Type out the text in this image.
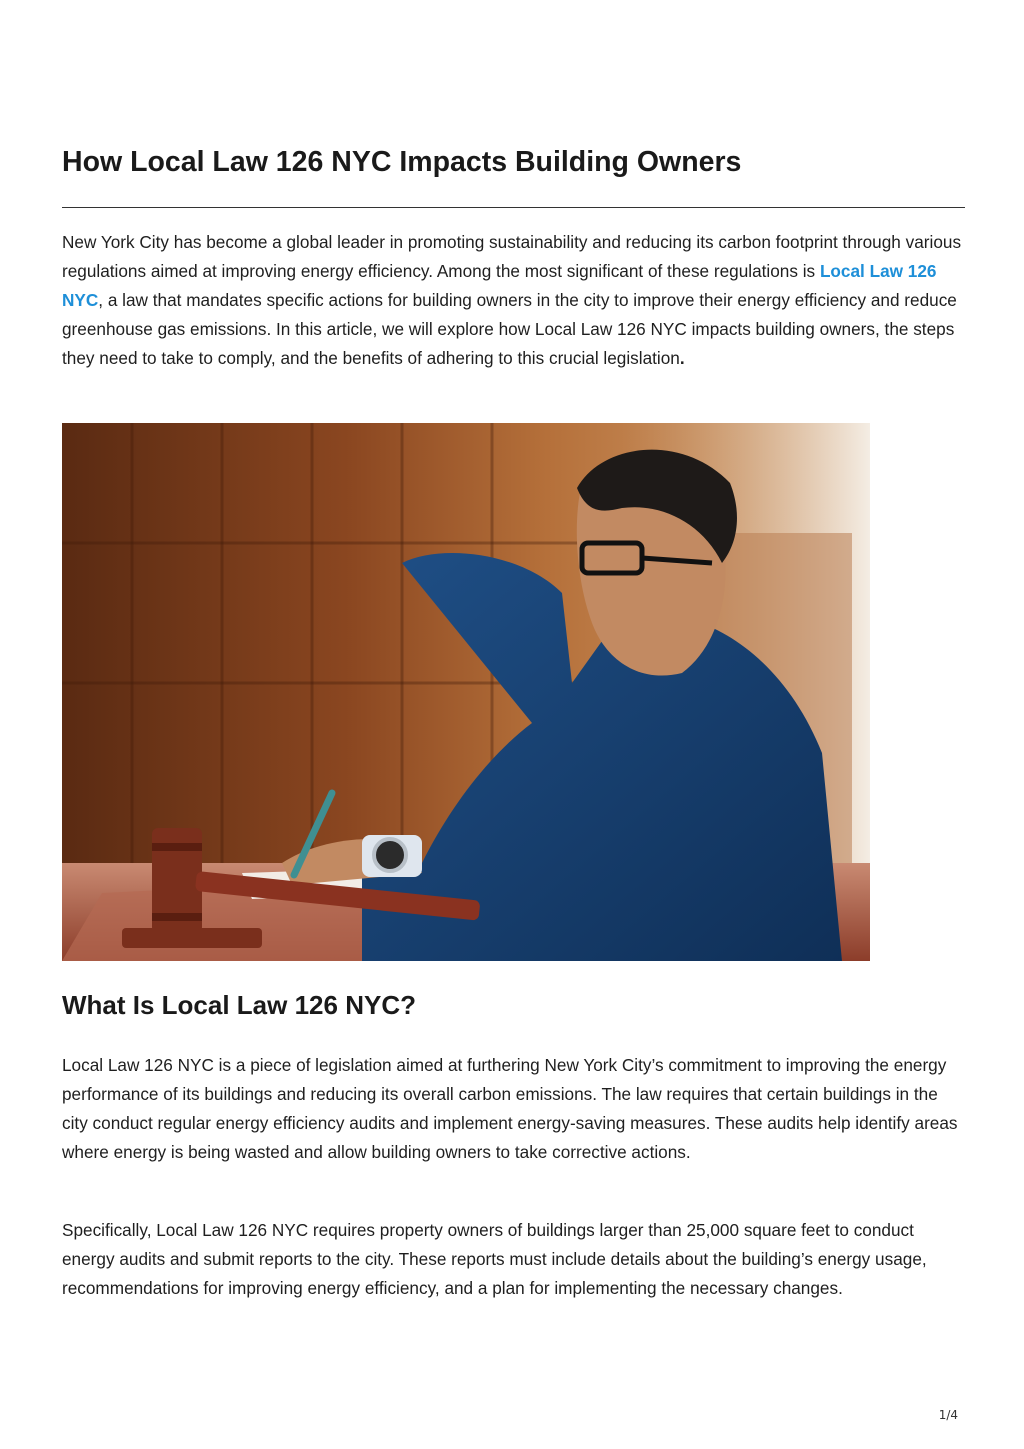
How Local Law 126 NYC Impacts Building Owners

New York City has become a global leader in promoting sustainability and reducing its carbon footprint through various regulations aimed at improving energy efficiency. Among the most significant of these regulations is Local Law 126 NYC, a law that mandates specific actions for building owners in the city to improve their energy efficiency and reduce greenhouse gas emissions. In this article, we will explore how Local Law 126 NYC impacts building owners, the steps they need to take to comply, and the benefits of adhering to this crucial legislation.

What Is Local Law 126 NYC?

Local Law 126 NYC is a piece of legislation aimed at furthering New York City’s commitment to improving the energy performance of its buildings and reducing its overall carbon emissions. The law requires that certain buildings in the city conduct regular energy efficiency audits and implement energy-saving measures. These audits help identify areas where energy is being wasted and allow building owners to take corrective actions.

Specifically, Local Law 126 NYC requires property owners of buildings larger than 25,000 square feet to conduct energy audits and submit reports to the city. These reports must include details about the building’s energy usage, recommendations for improving energy efficiency, and a plan for implementing the necessary changes.

1/4
